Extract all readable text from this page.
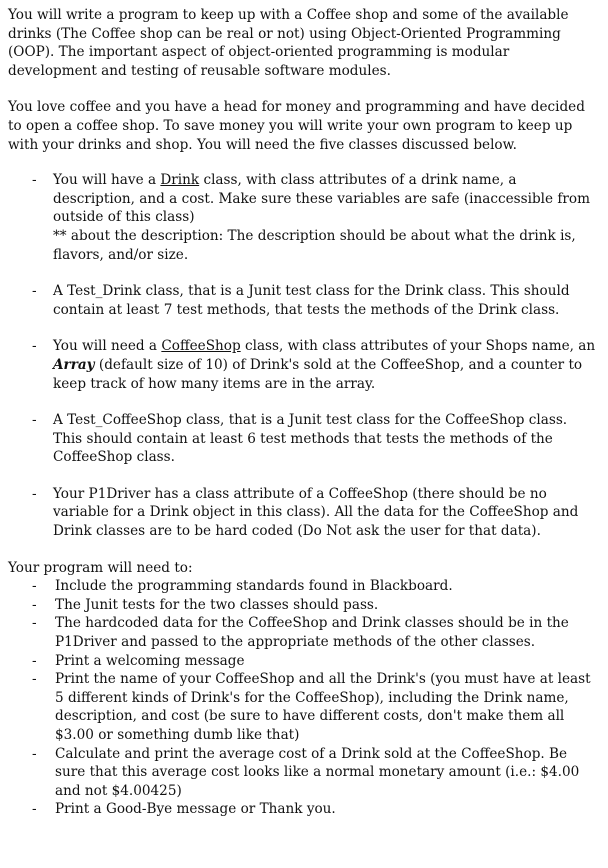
You will write a program to keep up with a Coffee shop and some of the available drinks (The Coffee shop can be real or not) using Object-Oriented Programming (OOP). The important aspect of object-oriented programming is modular development and testing of reusable software modules.

You love coffee and you have a head for money and programming and have decided to open a coffee shop. To save money you will write your own program to keep up with your drinks and shop. You will need the five classes discussed below.

- You will have a Drink class, with class attributes of a drink name, a description, and a cost. Make sure these variables are safe (inaccessible from outside of this class)
** about the description: The description should be about what the drink is, flavors, and/or size.
- A Test_Drink class, that is a Junit test class for the Drink class. This should contain at least 7 test methods, that tests the methods of the Drink class.
- You will need a CoffeeShop class, with class attributes of your Shops name, an Array (default size of 10) of Drink's sold at the CoffeeShop, and a counter to keep track of how many items are in the array.
- A Test_CoffeeShop class, that is a Junit test class for the CoffeeShop class. This should contain at least 6 test methods that tests the methods of the CoffeeShop class.
- Your P1Driver has a class attribute of a CoffeeShop (there should be no variable for a Drink object in this class). All the data for the CoffeeShop and Drink classes are to be hard coded (Do Not ask the user for that data).

Your program will need to:

- Include the programming standards found in Blackboard.
- The Junit tests for the two classes should pass.
- The hardcoded data for the CoffeeShop and Drink classes should be in the P1Driver and passed to the appropriate methods of the other classes.
- Print a welcoming message
- Print the name of your CoffeeShop and all the Drink's (you must have at least 5 different kinds of Drink's for the CoffeeShop), including the Drink name, description, and cost (be sure to have different costs, don't make them all $3.00 or something dumb like that)
- Calculate and print the average cost of a Drink sold at the CoffeeShop. Be sure that this average cost looks like a normal monetary amount (i.e.: $4.00 and not $4.00425)
- Print a Good-Bye message or Thank you.
